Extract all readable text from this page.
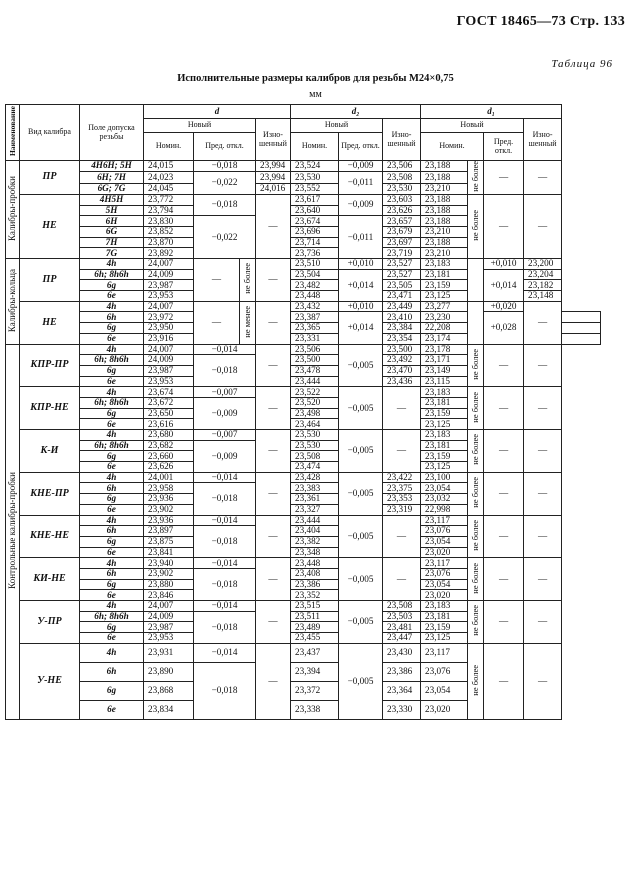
ГОСТ 18465—73 Стр. 133
Таблица 96
Исполнительные размеры калибров для резьбы M24×0,75
мм
Наименование	Вид калибра	Поле допуска резьбы	d				d₂			d₁				
			Новый			Изно-шенный	Новый		Изно-шенный	Новый			Изно-шенный	
			Номин.	Пред. откл.			Номин.	Пред. откл.		Номин.		Пред. откл.		
Калибры-пробки	ПР	4H6H; 5H	24,015	−0,018		23,994	23,524	−0,009	23,506	23,188	не более	—	—	
		6H; 7H	24,023	−0,022		23,994	23,530	−0,011	23,508	23,188				
		6G; 7G	24,045			24,016	23,552		23,530	23,210				
	НЕ	4H5H	23,772	−0,018		—	23,617	−0,009	23,603	23,188	не более	—	—	
		5H	23,794				23,640		23,626	23,188				
		6H	23,830	−0,022			23,674	−0,011	23,657	23,188				
		6G	23,852				23,696		23,679	23,210				
		7H	23,870				23,714		23,697	23,188				
		7G	23,892				23,736		23,719	23,210				
Калибры-кольца	ПР	4h	24,007	—	не более	—	23,510	+0,010	23,527	23,183		+0,010	23,200	
		6h; 8h6h	24,009				23,504	+0,014	23,527	23,181		+0,014	23,204	
		6g	23,987				23,482		23,505	23,159			23,182	
		6e	23,953				23,448		23,471	23,125			23,148	
	НЕ	4h	24,007	—	не менее	—	23,432	+0,010	23,449	23,277		+0,020	—	
		6h	23,972				23,387	+0,014	23,410	23,230		+0,028		
		6g	23,950				23,365		23,384	22,208				
		6e	23,916				23,331		23,354	23,174				
Контрольные калибры-пробки	КПР-ПР	4h	24,007	−0,014		—	23,506	−0,005	23,500	23,178	не более	—	—	
		6h; 8h6h	24,009	−0,018			23,500		23,492	23,171				
		6g	23,987				23,478		23,470	23,149				
		6e	23,953				23,444		23,436	23,115				
	КПР-НЕ	4h	23,674	−0,007		—	23,522	−0,005	—	23,183	не более	—	—	
		6h; 8h6h	23,672	−0,009			23,520			23,181				
		6g	23,650				23,498			23,159				
		6e	23,616				23,464			23,125				
	К-И	4h	23,680	−0,007		—	23,530	−0,005	—	23,183	не более	—	—	
		6h; 8h6h	23,682	−0,009			23,530			23,181				
		6g	23,660				23,508			23,159				
		6e	23,626				23,474			23,125				
	КНЕ-ПР	4h	24,001	−0,014		—	23,428	−0,005	23,422	23,100	не более	—	—	
		6h	23,958	−0,018			23,383		23,375	23,054				
		6g	23,936				23,361		23,353	23,032				
		6e	23,902				23,327		23,319	22,998				
	КНЕ-НЕ	4h	23,936	−0,014		—	23,444	−0,005	—	23,117	не более	—	—	
		6h	23,897	−0,018			23,404			23,076				
		6g	23,875				23,382			23,054				
		6e	23,841				23,348			23,020				
	КИ-НЕ	4h	23,940	−0,014		—	23,448	−0,005	—	23,117	не более	—	—	
		6h	23,902	−0,018			23,408			23,076				
		6g	23,880				23,386			23,054				
		6e	23,846				23,352			23,020				
	У-ПР	4h	24,007	−0,014		—	23,515	−0,005	23,508	23,183	не более	—	—	
		6h; 8h6h	24,009	−0,018			23,511		23,503	23,181				
		6g	23,987				23,489		23,481	23,159				
		6e	23,953				23,455		23,447	23,125				
	У-НЕ	4h	23,931	−0,014		—	23,437	−0,005	23,430	23,117	не более	—	—	
		6h	23,890	−0,018			23,394		23,386	23,076				
		6g	23,868				23,372		23,364	23,054				
		6e	23,834				23,338		23,330	23,020				
